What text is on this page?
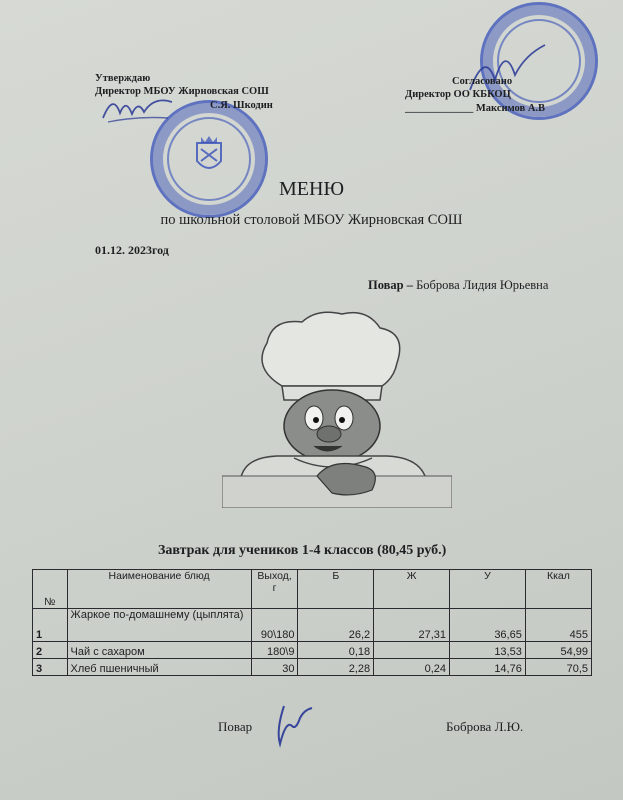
Утверждаю
Директор МБОУ Жирновская СОШ
С.Я. Шкодин
Согласовано
Директор ОО КБКОЦ
_____________ Максимов А.В
МЕНЮ
по школьной столовой МБОУ Жирновская СОШ
01.12. 2023год
Повар – Боброва Лидия Юрьевна
Завтрак для учеников 1-4 классов (80,45 руб.)
№	Наименование блюд	Выход, г	Б	Ж	У	Ккал
1	Жаркое по-домашнему (цыплята)	90\180	26,2	27,31	36,65	455
2	Чай с сахаром	180\9	0,18		13,53	54,99
3	Хлеб пшеничный	30	2,28	0,24	14,76	70,5
Повар	Боброва Л.Ю.
